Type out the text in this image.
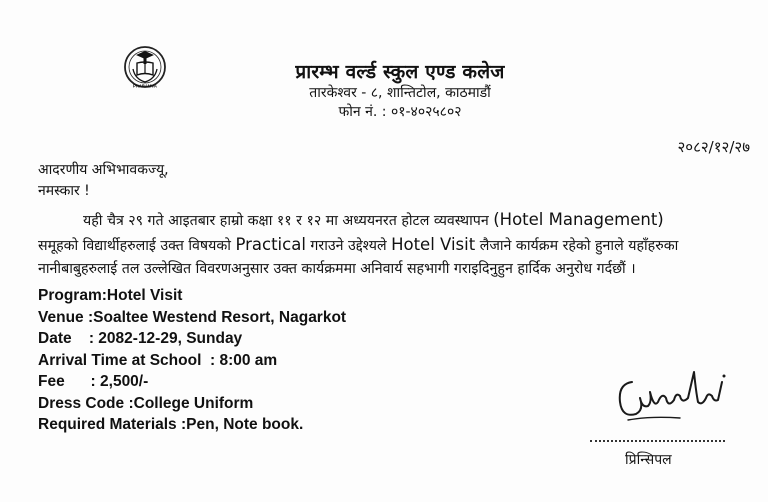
PRARAMVA
प्रारम्भ वर्ल्ड स्कुल एण्ड कलेज
तारकेश्वर - ८, शान्तिटोल, काठमाडौं
फोन नं. : ०१-४०२५८०२
२०८२/१२/२७
आदरणीय अभिभावकज्यू,
नमस्कार !
यही चैत्र २९ गते आइतबार हाम्रो कक्षा ११ र १२ मा अध्ययनरत होटल व्यवस्थापन (Hotel Management)
समूहको विद्यार्थीहरुलाई उक्त विषयको Practical गराउने उद्देश्यले Hotel Visit लैजाने कार्यक्रम रहेको हुनाले यहाँहरुका
नानीबाबुहरुलाई तल उल्लेखित विवरणअनुसार उक्त कार्यक्रममा अनिवार्य सहभागी गराइदिनुहुन हार्दिक अनुरोध गर्दछौं ।
Program:Hotel Visit
Venue :Soaltee Westend Resort, Nagarkot
Date    : 2082-12-29, Sunday
Arrival Time at School  : 8:00 am
Fee      : 2,500/-
Dress Code :College Uniform
Required Materials :Pen, Note book.
प्रिन्सिपल
